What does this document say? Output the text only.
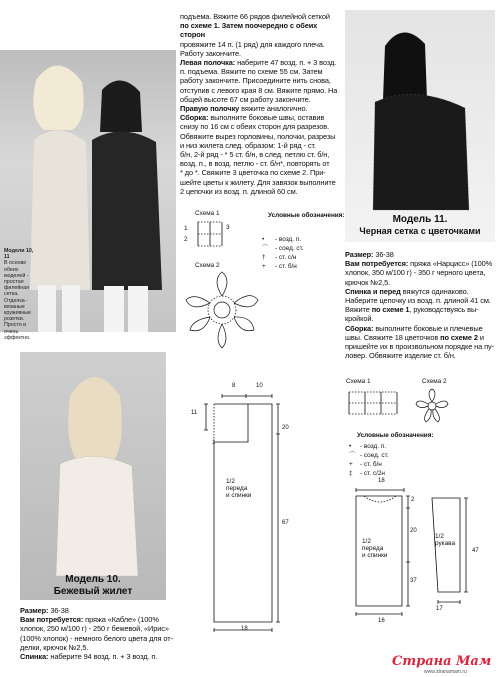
Модели 10, 11
В основе обеих моделей - простая филейная сетка. Отделка - вязаные кружевные розетки. Просто и очень эффектно.
подъема. Вяжите 66 рядов филейной сеткой
по схеме 1. Затем поочередно с обеих сторон
провяжите 14 п. (1 ряд) для каждого плеча.
Работу закончите.
Левая полочка: наберите 47 возд. п. + 3 возд.
п. подъема. Вяжите по схеме 55 см. Затем
работу закончите. Присоедините нить снова,
отступив с левого края 8 см. Вяжите прямо. На
общей высоте 67 см работу закончите.
Правую полочку вяжите аналогично.
Сборка: выполните боковые швы, оставив
снизу по 16 см с обеих сторон для разрезов.
Обвяжите вырез горловины, полочки, разрезы
и низ жилета след. образом: 1-й ряд - ст.
б/н, 2-й ряд - * 5 ст. б/н, в след. петлю ст. б/н,
возд. п., в возд. петлю - ст. б/н*, повторять от
* до *. Свяжите 3 цветочка по схеме 2. При-
шейте цветы к жилету. Для завязок выполните
2 цепочки из возд. п. длиной 60 см.
Схема 1
1	3
2
Схема 2
Условные обозначения:
• - возд. п.
⌒ - соед. ст.
† - ст. с/н
+ - ст. б/н
Модель 11.
Черная сетка с цветочками
Размер: 36-38
Вам потребуется: пряжа «Нарцисс» (100%
хлопок, 350 м/100 г) - 350 г черного цвета,
крючок №2,5.
Спинка и перед вяжутся одинаково.
Наберите цепочку из возд. п. длиной 41 см.
Вяжите по схеме 1, руководствуясь вы-
кройкой.
Сборка: выполните боковые и плечевые
швы. Свяжите 18 цветочков по схеме 2 и
пришейте их в произвольном порядке на пу-
ловер. Обвяжите изделие ст. б/н.
Схема 1	Схема 2
Условные обозначения:
• - возд. п.
⌒ - соед. ст.
+ - ст. б/н
‡ - ст. с/2н
8	10
11
20
67
1
18
1/2
переда
и спинки
18
2
20
37
16
17
47
1/2
переда
и спинки
1/2
рукава
Модель 10.
Бежевый жилет
Размер: 36-38
Вам потребуется: пряжа «Кабле» (100%
хлопок, 250 м/100 г) - 250 г бежевой, «Ирис»
(100% хлопок) - немного белого цвета для от-
делки, крючок №2,5.
Спинка: наберите 94 возд. п. + 3 возд. п.	Страна Мам
www.stranamam.ru
